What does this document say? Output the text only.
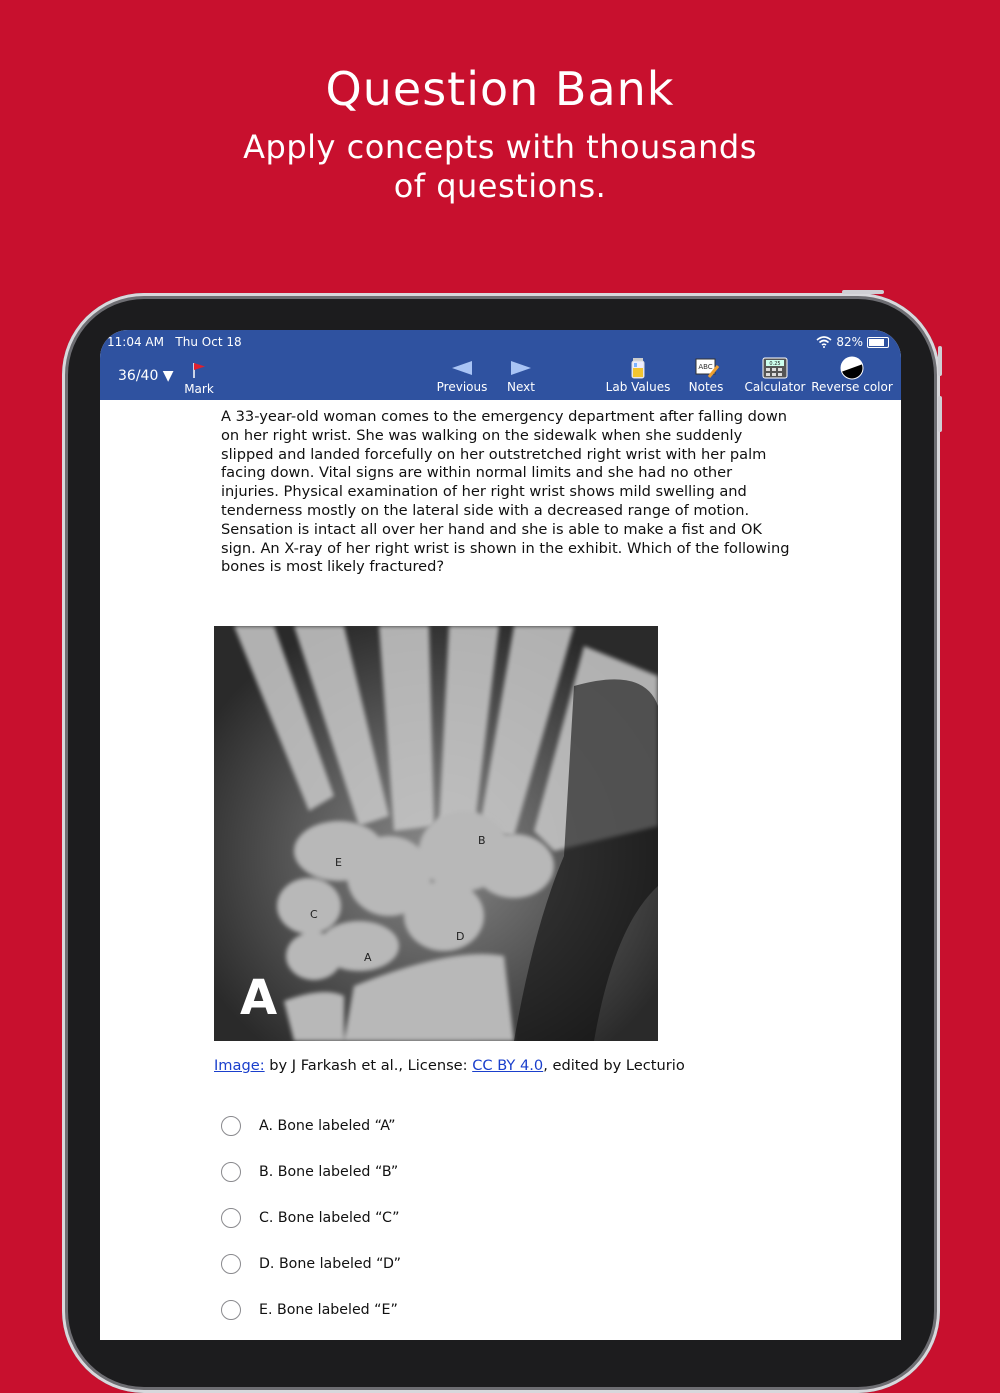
Question Bank
Apply concepts with thousands
of questions.
11:04 AM Thu Oct 18	82%
36/40 ▼
Mark	Previous	Next	Lab Values
ABC
Notes
0.25
Calculator Reverse color
A 33-year-old woman comes to the emergency department after falling down on her right wrist. She was walking on the sidewalk when she suddenly slipped and landed forcefully on her outstretched right wrist with her palm facing down. Vital signs are within normal limits and she had no other injuries. Physical examination of her right wrist shows mild swelling and tenderness mostly on the lateral side with a decreased range of motion. Sensation is intact all over her hand and she is able to make a fist and OK sign. An X-ray of her right wrist is shown in the exhibit. Which of the following bones is most likely fractured?
E
B
C
D
A
A
Image: by J Farkash et al., License: CC BY 4.0, edited by Lecturio
A. Bone labeled “A”
B. Bone labeled “B”
C. Bone labeled “C”
D. Bone labeled “D”
E. Bone labeled “E”
